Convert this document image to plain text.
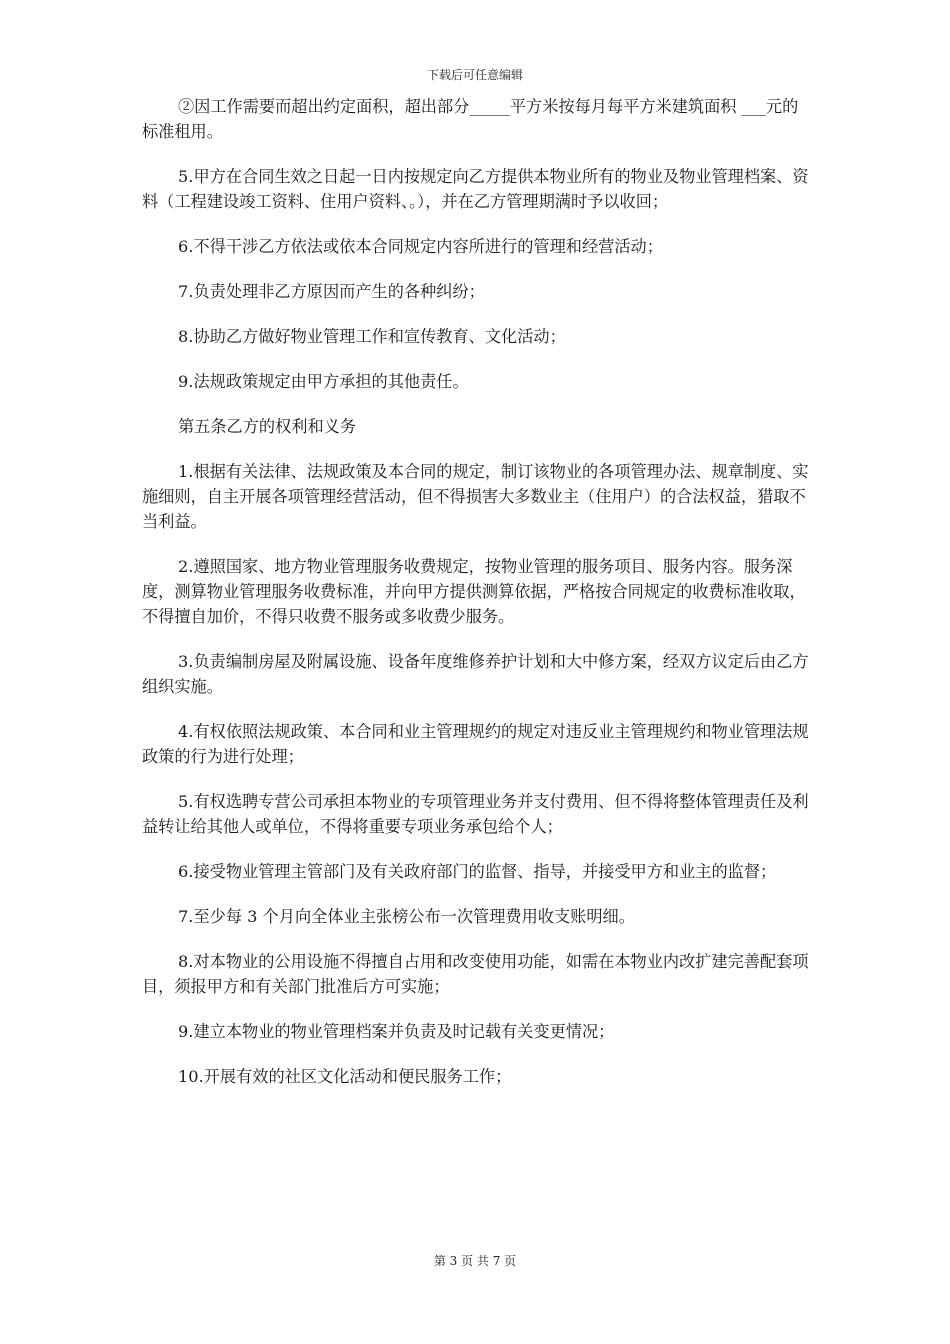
下载后可任意编辑

②因工作需要而超出约定面积，超出部分_____平方米按每月每平方米建筑面积 ___元的标准租用。

5.甲方在合同生效之日起一日内按规定向乙方提供本物业所有的物业及物业管理档案、资料（工程建设竣工资料、住用户资料、。），并在乙方管理期满时予以收回；

6.不得干涉乙方依法或依本合同规定内容所进行的管理和经营活动；

7.负责处理非乙方原因而产生的各种纠纷；

8.协助乙方做好物业管理工作和宣传教育、文化活动；

9.法规政策规定由甲方承担的其他责任。

第五条乙方的权利和义务

1.根据有关法律、法规政策及本合同的规定，制订该物业的各项管理办法、规章制度、实施细则，自主开展各项管理经营活动，但不得损害大多数业主（住用户）的合法权益，猎取不当利益。

2.遵照国家、地方物业管理服务收费规定，按物业管理的服务项目、服务内容。服务深度，测算物业管理服务收费标准，并向甲方提供测算依据，严格按合同规定的收费标准收取，不得擅自加价，不得只收费不服务或多收费少服务。

3.负责编制房屋及附属设施、设备年度维修养护计划和大中修方案，经双方议定后由乙方组织实施。

4.有权依照法规政策、本合同和业主管理规约的规定对违反业主管理规约和物业管理法规政策的行为进行处理；

5.有权选聘专营公司承担本物业的专项管理业务并支付费用、但不得将整体管理责任及利益转让给其他人或单位，不得将重要专项业务承包给个人；

6.接受物业管理主管部门及有关政府部门的监督、指导，并接受甲方和业主的监督；

7.至少每 3 个月向全体业主张榜公布一次管理费用收支账明细。

8.对本物业的公用设施不得擅自占用和改变使用功能，如需在本物业内改扩建完善配套项目，须报甲方和有关部门批准后方可实施；

9.建立本物业的物业管理档案并负责及时记载有关变更情况；

10.开展有效的社区文化活动和便民服务工作；

第 3 页 共 7 页
